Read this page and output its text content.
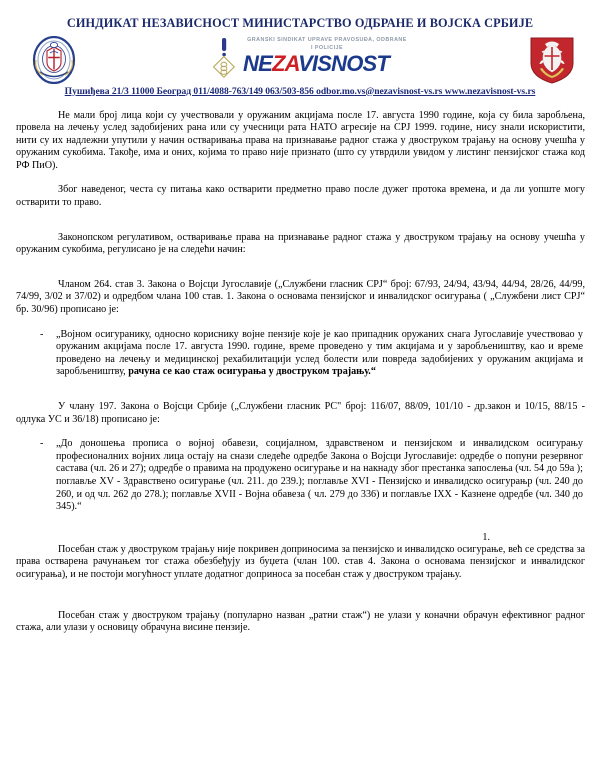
СИНДИКАТ НЕЗАВИСНОСТ МИНИСТАРСТВО ОДБРАНЕ И ВОЈСКА СРБИЈЕ
GRANSKI SINDIKAT UPRAVE PRAVOSUĐA, ODBRANE I POLICIJE
NEZAVISNOST
Пушиђева 21/3 11000 Београд 011/4088-763/149 063/503-856 odbor.mo.vs@nezavisnost-vs.rs www.nezavisnost-vs.rs

Не мали број лица који су учествовали у оружаним акцијама после 17. августа 1990 године, која су била заробљена, провела на лечењу услед задобијених рана или су учесници рата НАТО агресије на СРЈ 1999. године, нису знали искористити, нити су их надлежни упутили у начин остваривања права на признавање радног стажа у двоструком трајању на основу учешћа у оружаним сукобима. Такође, има и оних, којима то право није признато (што су утврдили увидом у листинг пензијског стажа код РФ ПиО).

Због наведеног, честа су питања како остварити предметно право после дужег протока времена, и да ли уопште могу остварити то право.

Законопском регулативом, остваривање права на признавање радног стажа у двоструком трајању на основу учешћа у оружаним сукобима, регулисано је на следећи начин:

Чланом 264. став 3. Закона о Војсци Југославије („Службени гласник СРЈ“ број: 67/93, 24/94, 43/94, 44/94, 28/26, 44/99, 74/99, 3/02 и 37/02) и одредбом члана 100 став. 1. Закона о основама пензијског и инвалидског осигурања ( „Службени лист СРЈ“ бр. 30/96) прописано је:

-	„Војном осигуранику, односно кориснику војне пензије које је као припадник оружаних снага Југославије учествовао у оружаним акцијама после 17. августа 1990. године, време проведено у тим акцијама и у заробљеништву, као и време проведено на лечењу и медицинској рехабилитацији услед болести или повреда задобијених у оружаним акцијама и заробљеништву, рачуна се као стаж осигурања у двоструком трајању.“

У члану 197. Закона о Војсци Србије („Службени гласник РС" број: 116/07, 88/09, 101/10 - др.закон и 10/15, 88/15 - одлука УС и 36/18) прописано је:

-	„До доношења прописа о војној обавези, социјалном, здравственом и пензијском и инвалидском осигурању професионалних војних лица остају на снази следеће одредбе Закона о Војсци Југославије: одредбе о попуни резервног састава (чл. 26 и 27); одредбе о правима на продужено осигурање и на накнаду због престанка запослења (чл. 54 до 59а ); поглавље XV - Здравствено осигурање (чл. 211. до 239.); поглавље XVI - Пензијско и инвалидско осигурањр (чл. 240 до 260, и од чл. 262 до 278.); поглавље XVII - Војна обавеза ( чл. 279 до 336) и поглавље IXX - Казнене одредбе (чл. 340 до 345).“
1.

Посебан стаж у двоструком трајању није покривен доприносима за пензијско и инвалидско осигурање, већ се средства за права остварена рачунањем тог стажа обезбеђују из буџета (члан 100. став 4. Закона о основама пензијског и инвалидског осигурања), и не постоји могућност уплате додатног доприноса за посебан стаж у двоструком трајању.

Посебан стаж у двоструком трајању (популарно назван „ратни стаж“) не улази у коначни обрачун ефективног радног стажа, али улази у основицу обрачуна висине пензије.
